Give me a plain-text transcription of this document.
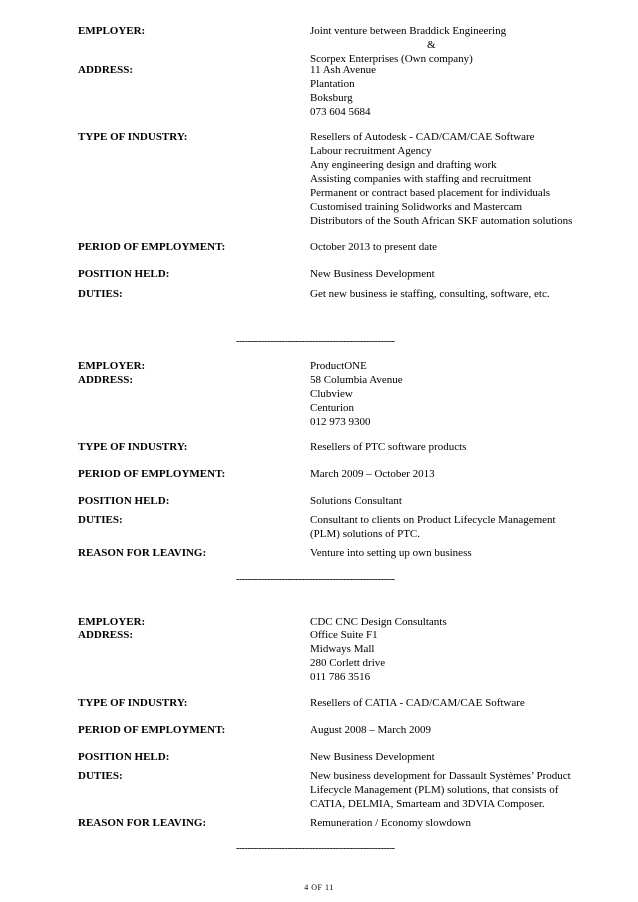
EMPLOYER:	Joint venture between Braddick Engineering
&
Scorpex Enterprises (Own company)
ADDRESS:	11 Ash Avenue
Plantation
Boksburg
073 604 5684
TYPE OF INDUSTRY:	Resellers of Autodesk - CAD/CAM/CAE Software
Labour recruitment Agency
Any engineering design and drafting work
Assisting companies with staffing and recruitment
Permanent or contract based placement for individuals
Customised training Solidworks and Mastercam
Distributors of the South African SKF automation solutions
PERIOD OF EMPLOYMENT:	October 2013 to present date
POSITION HELD:	New Business Development
DUTIES:	Get new business ie staffing, consulting, software, etc.
--------------------------------------------------------
EMPLOYER:	ProductONE
ADDRESS:	58 Columbia Avenue
Clubview
Centurion
012 973 9300
TYPE OF INDUSTRY:	Resellers of PTC software products
PERIOD OF EMPLOYMENT:	March 2009 – October 2013
POSITION HELD:	Solutions Consultant
DUTIES:	Consultant to clients on Product Lifecycle Management
(PLM) solutions of PTC.
REASON FOR LEAVING:	Venture into setting up own business
--------------------------------------------------------
EMPLOYER:	CDC CNC Design Consultants
ADDRESS:	Office Suite F1
Midways Mall
280 Corlett drive
011 786 3516
TYPE OF INDUSTRY:	Resellers of CATIA - CAD/CAM/CAE Software
PERIOD OF EMPLOYMENT:	August 2008 – March 2009
POSITION HELD:	New Business Development
DUTIES:	New business development for Dassault Systèmes’ Product
Lifecycle Management (PLM) solutions, that consists of
CATIA, DELMIA, Smarteam and 3DVIA Composer.
REASON FOR LEAVING:	Remuneration / Economy slowdown
--------------------------------------------------------
4 OF 11
